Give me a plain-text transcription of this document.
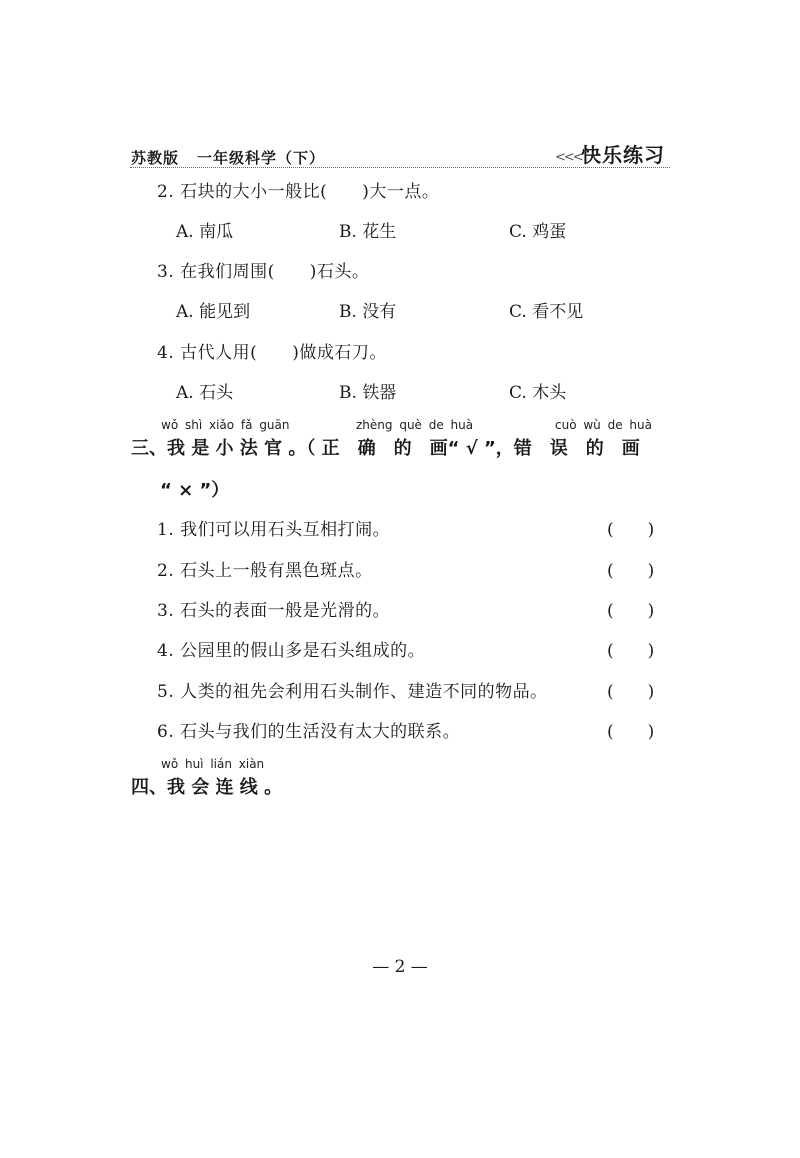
苏教版 一年级科学（下）	<<< 快乐练习
2. 石块的大小一般比(　　)大一点。
A. 南瓜	B. 花生	C. 鸡蛋
3. 在我们周围(　　)石头。
A. 能见到	B. 没有	C. 看不见
4. 古代人用(　　)做成石刀。
A. 石头	B. 铁器	C. 木头
wǒ shì xiǎo fǎ guān	zhèng què de huà	cuò wù de huà
三、我 是 小 法 官 。（ 正　确　的　画“ √ ”，错　误　的　画
“ × ”）
1. 我们可以用石头互相打闹。	(　　)
2. 石头上一般有黑色斑点。	(　　)
3. 石头的表面一般是光滑的。	(　　)
4. 公园里的假山多是石头组成的。	(　　)
5. 人类的祖先会利用石头制作、建造不同的物品。	(　　)
6. 石头与我们的生活没有太大的联系。	(　　)
wǒ huì lián xiàn
四、我 会 连 线 。
— 2 —
